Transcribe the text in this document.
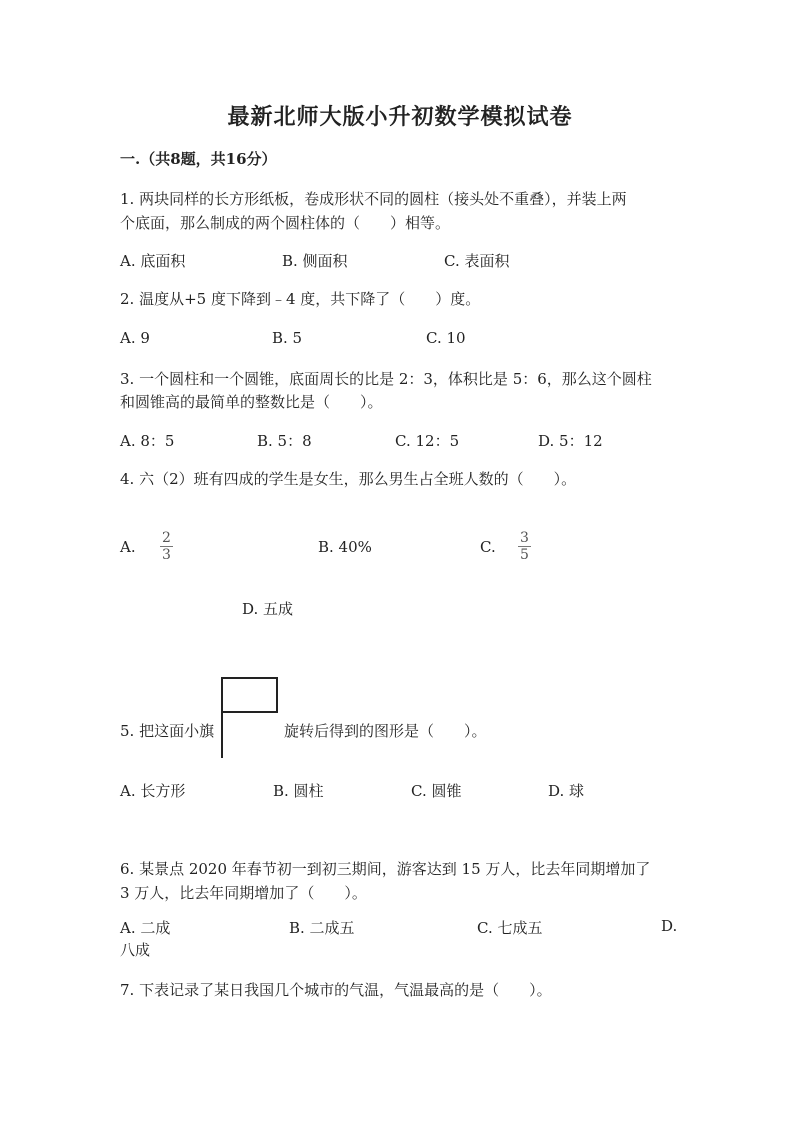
最新北师大版小升初数学模拟试卷
一.（共8题，共16分）
1. 两块同样的长方形纸板，卷成形状不同的圆柱（接头处不重叠），并装上两
个底面，那么制成的两个圆柱体的（　　）相等。
A. 底面积	B. 侧面积	C. 表面积
2. 温度从+5 度下降到﹣4 度，共下降了（　　）度。
A. 9	B. 5	C. 10
3. 一个圆柱和一个圆锥，底面周长的比是 2：3，体积比是 5：6，那么这个圆柱
和圆锥高的最简单的整数比是（　　）。
A. 8：5	B. 5：8	C. 12：5	D. 5：12
4. 六（2）班有四成的学生是女生，那么男生占全班人数的（　　）。
A. $\frac{2}{3}$	B. 40%	C. $\frac{3}{5}$
D. 五成
5. 把这面小旗	旋转后得到的图形是（　　）。
A. 长方形	B. 圆柱	C. 圆锥	D. 球
6. 某景点 2020 年春节初一到初三期间，游客达到 15 万人，比去年同期增加了
3 万人，比去年同期增加了（　　）。
A. 二成	B. 二成五	C. 七成五	D.
八成
7. 下表记录了某日我国几个城市的气温，气温最高的是（　　）。
